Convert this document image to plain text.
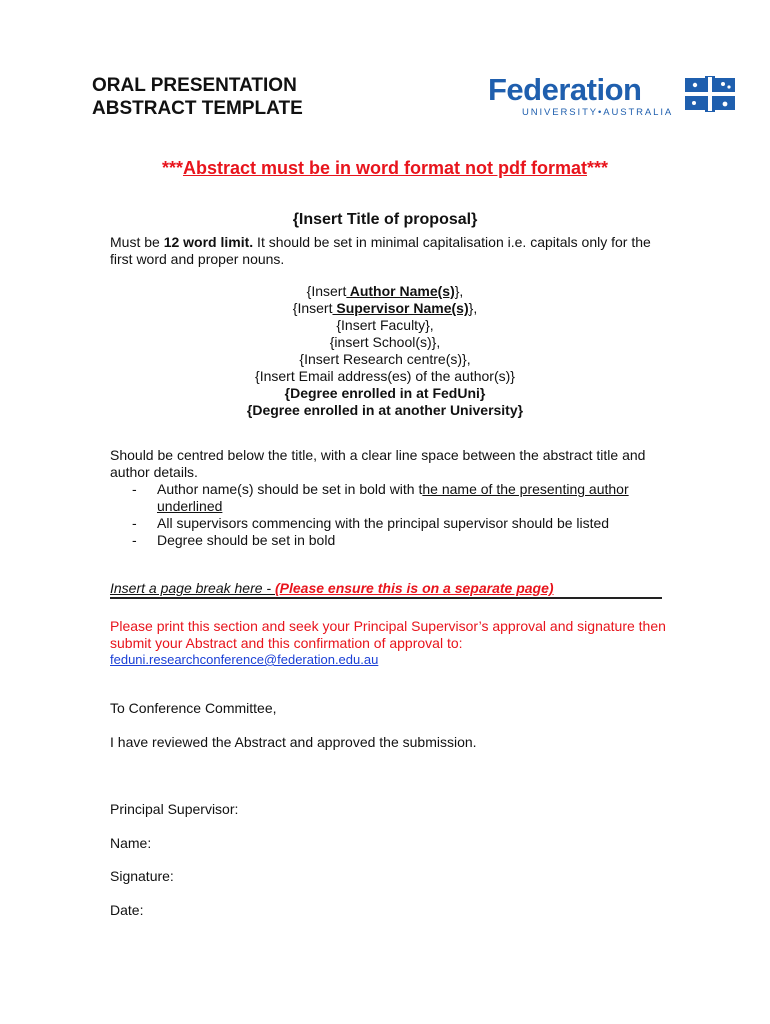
ORAL PRESENTATION
ABSTRACT TEMPLATE
Federation
UNIVERSITY•AUSTRALIA
***Abstract must be in word format not pdf format***
{Insert Title of proposal}
Must be 12 word limit. It should be set in minimal capitalisation i.e. capitals only for the first word and proper nouns.
{Insert Author Name(s)},
{Insert Supervisor Name(s)},
{Insert Faculty},
{insert School(s)},
{Insert Research centre(s)},
{Insert Email address(es) of the author(s)}
{Degree enrolled in at FedUni}
{Degree enrolled in at another University}
Should be centred below the title, with a clear line space between the abstract title and author details.
- Author name(s) should be set in bold with the name of the presenting author underlined
- All supervisors commencing with the principal supervisor should be listed
- Degree should be set in bold
Insert a page break here - (Please ensure this is on a separate page)
Please print this section and seek your Principal Supervisor’s approval and signature then submit your Abstract and this confirmation of approval to:
feduni.researchconference@federation.edu.au
To Conference Committee,
I have reviewed the Abstract and approved the submission.
Principal Supervisor:
Name:
Signature:
Date:
